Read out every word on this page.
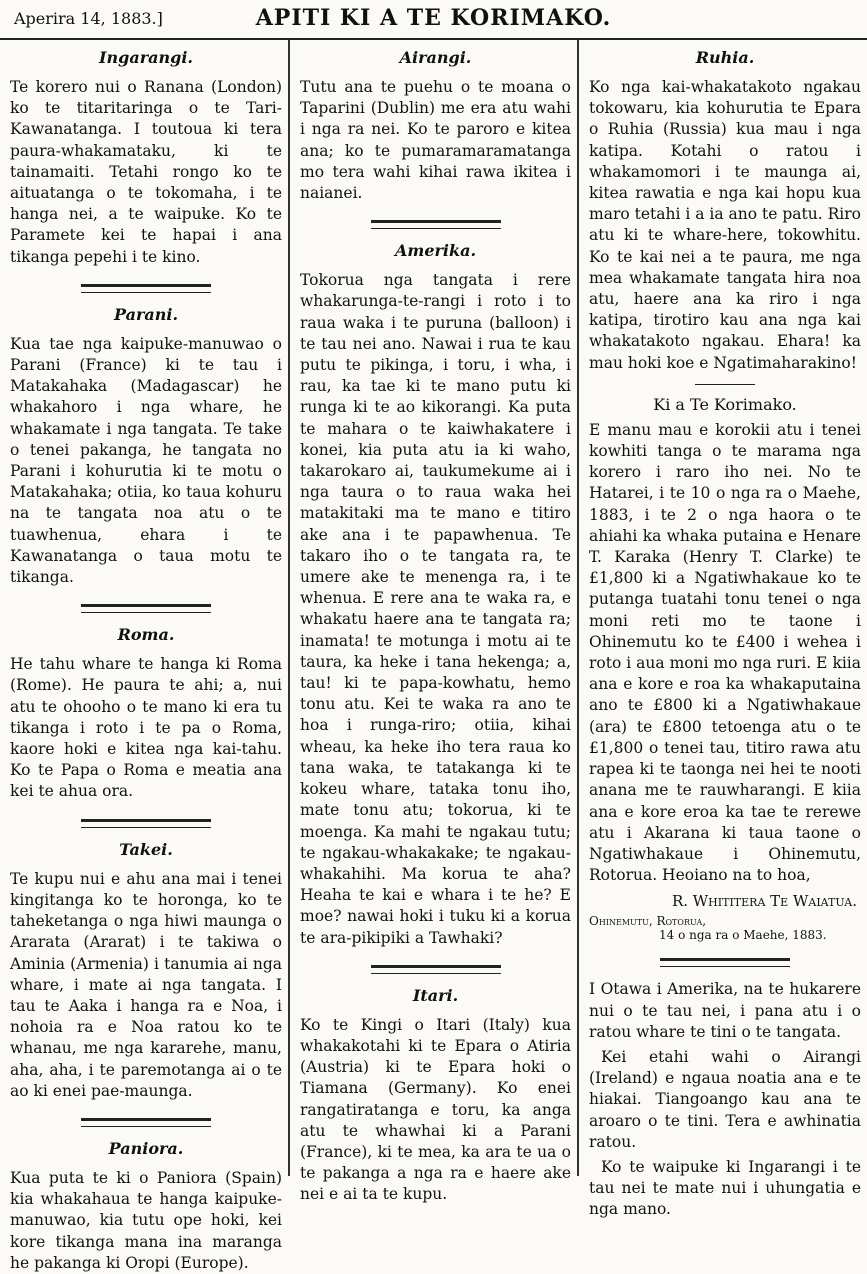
Aperira 14, 1883.]	APITI KI A TE KORIMAKO.
Ingarangi.

Te korero nui o Ranana (London) ko te titaritaringa o te Tari-Kawanatanga. I toutoua ki tera paura-whakamataku, ki te tainamaiti. Tetahi rongo ko te aituatanga o te tokomaha, i te hanga nei, a te waipuke. Ko te Paramete kei te hapai i ana tikanga pepehi i te kino.

Parani.

Kua tae nga kaipuke-manuwao o Parani (France) ki te tau i Matakahaka (Madagascar) he whakahoro i nga whare, he whakamate i nga tangata. Te take o tenei pakanga, he tangata no Parani i kohurutia ki te motu o Matakahaka; otiia, ko taua kohuru na te tangata noa atu o te tuawhenua, ehara i te Kawanatanga o taua motu te tikanga.

Roma.

He tahu whare te hanga ki Roma (Rome). He paura te ahi; a, nui atu te ohooho o te mano ki era tu tikanga i roto i te pa o Roma, kaore hoki e kitea nga kai-tahu. Ko te Papa o Roma e meatia ana kei te ahua ora.

Takei.

Te kupu nui e ahu ana mai i tenei kingitanga ko te horonga, ko te taheketanga o nga hiwi maunga o Ararata (Ararat) i te takiwa o Aminia (Armenia) i tanumia ai nga whare, i mate ai nga tangata. I tau te Aaka i hanga ra e Noa, i nohoia ra e Noa ratou ko te whanau, me nga kararehe, manu, aha, aha, i te paremotanga ai o te ao ki enei pae-maunga.

Paniora.

Kua puta te ki o Paniora (Spain) kia whakahaua te hanga kaipuke-manuwao, kia tutu ope hoki, kei kore tikanga mana ina maranga he pakanga ki Oropi (Europe).

Airangi.

Tutu ana te puehu o te moana o Taparini (Dublin) me era atu wahi i nga ra nei. Ko te paroro e kitea ana; ko te pumaramaramatanga mo tera wahi kihai rawa ikitea i naianei.

Amerika.

Tokorua nga tangata i rere whakarunga-te-rangi i roto i to raua waka i te puruna (balloon) i te tau nei ano. Nawai i rua te kau putu te pikinga, i toru, i wha, i rau, ka tae ki te mano putu ki runga ki te ao kikorangi. Ka puta te mahara o te kaiwhakatere i konei, kia puta atu ia ki waho, takarokaro ai, taukumekume ai i nga taura o to raua waka hei matakitaki ma te mano e titiro ake ana i te papawhenua. Te takaro iho o te tangata ra, te umere ake te menenga ra, i te whenua. E rere ana te waka ra, e whakatu haere ana te tangata ra; inamata! te motunga i motu ai te taura, ka heke i tana hekenga; a, tau! ki te papa-kowhatu, hemo tonu atu. Kei te waka ra ano te hoa i runga-riro; otiia, kihai wheau, ka heke iho tera raua ko tana waka, te tatakanga ki te kokeu whare, tataka tonu iho, mate tonu atu; tokorua, ki te moenga. Ka mahi te ngakau tutu; te ngakau-whakakake; te ngakau-whakahihi. Ma korua te aha? Heaha te kai e whara i te he? E moe? nawai hoki i tuku ki a korua te ara-pikipiki a Tawhaki?

Itari.

Ko te Kingi o Itari (Italy) kua whakakotahi ki te Epara o Atiria (Austria) ki te Epara hoki o Tiamana (Germany). Ko enei rangatiratanga e toru, ka anga atu te whawhai ki a Parani (France), ki te mea, ka ara te ua o te pakanga a nga ra e haere ake nei e ai ta te kupu.

Ruhia.

Ko nga kai-whakatakoto ngakau tokowaru, kia kohurutia te Epara o Ruhia (Russia) kua mau i nga katipa. Kotahi o ratou i whakamomori i te maunga ai, kitea rawatia e nga kai hopu kua maro tetahi i a ia ano te patu. Riro atu ki te whare-here, tokowhitu. Ko te kai nei a te paura, me nga mea whakamate tangata hira noa atu, haere ana ka riro i nga katipa, tirotiro kau ana nga kai whakatakoto ngakau. Ehara! ka mau hoki koe e Ngatimaharakino!

Ki a Te Korimako.

E manu mau e korokii atu i tenei kowhiti tanga o te marama nga korero i raro iho nei. No te Hatarei, i te 10 o nga ra o Maehe, 1883, i te 2 o nga haora o te ahiahi ka whaka putaina e Henare T. Karaka (Henry T. Clarke) te £1,800 ki a Ngatiwhakaue ko te putanga tuatahi tonu tenei o nga moni reti mo te taone i Ohinemutu ko te £400 i wehea i roto i aua moni mo nga ruri. E kiia ana e kore e roa ka whakaputaina ano te £800 ki a Ngatiwhakaue (ara) te £800 tetoenga atu o te £1,800 o tenei tau, titiro rawa atu rapea ki te taonga nei hei te nooti anana me te rauwharangi. E kiia ana e kore eroa ka tae te rerewe atu i Akarana ki taua taone o Ngatiwhakaue i Ohinemutu, Rotorua. Heoiano na to hoa,

R. Whititera Te Waiatua.
Ohinemutu, Rotorua,
14 o nga ra o Maehe, 1883.

I Otawa i Amerika, na te hukarere nui o te tau nei, i pana atu i o ratou whare te tini o te tangata.

Kei etahi wahi o Airangi (Ireland) e ngaua noatia ana e te hiakai. Tiangoango kau ana te aroaro o te tini. Tera e awhinatia ratou.

Ko te waipuke ki Ingarangi i te tau nei te mate nui i uhungatia e nga mano.
